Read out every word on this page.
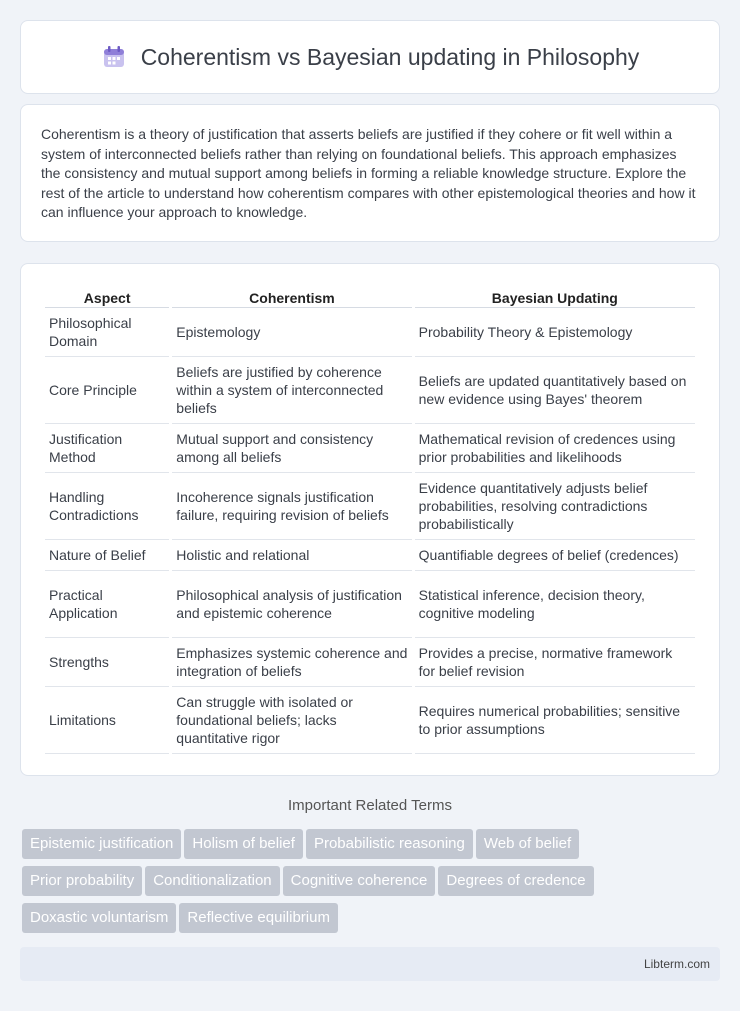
Coherentism vs Bayesian updating in Philosophy

Coherentism is a theory of justification that asserts beliefs are justified if they cohere or fit well within a system of interconnected beliefs rather than relying on foundational beliefs. This approach emphasizes the consistency and mutual support among beliefs in forming a reliable knowledge structure. Explore the rest of the article to understand how coherentism compares with other epistemological theories and how it can influence your approach to knowledge.

Aspect	Coherentism	Bayesian Updating
Philosophical Domain	Epistemology	Probability Theory & Epistemology
Core Principle	Beliefs are justified by coherence within a system of interconnected beliefs	Beliefs are updated quantitatively based on new evidence using Bayes' theorem
Justification Method	Mutual support and consistency among all beliefs	Mathematical revision of credences using prior probabilities and likelihoods
Handling Contradictions	Incoherence signals justification failure, requiring revision of beliefs	Evidence quantitatively adjusts belief probabilities, resolving contradictions probabilistically
Nature of Belief	Holistic and relational	Quantifiable degrees of belief (credences)
Practical Application	Philosophical analysis of justification and epistemic coherence	Statistical inference, decision theory, cognitive modeling
Strengths	Emphasizes systemic coherence and integration of beliefs	Provides a precise, normative framework for belief revision
Limitations	Can struggle with isolated or foundational beliefs; lacks quantitative rigor	Requires numerical probabilities; sensitive to prior assumptions
Important Related Terms
Epistemic justification Holism of belief Probabilistic reasoning Web of belief
Prior probability Conditionalization Cognitive coherence Degrees of credence
Doxastic voluntarism Reflective equilibrium
Libterm.com
